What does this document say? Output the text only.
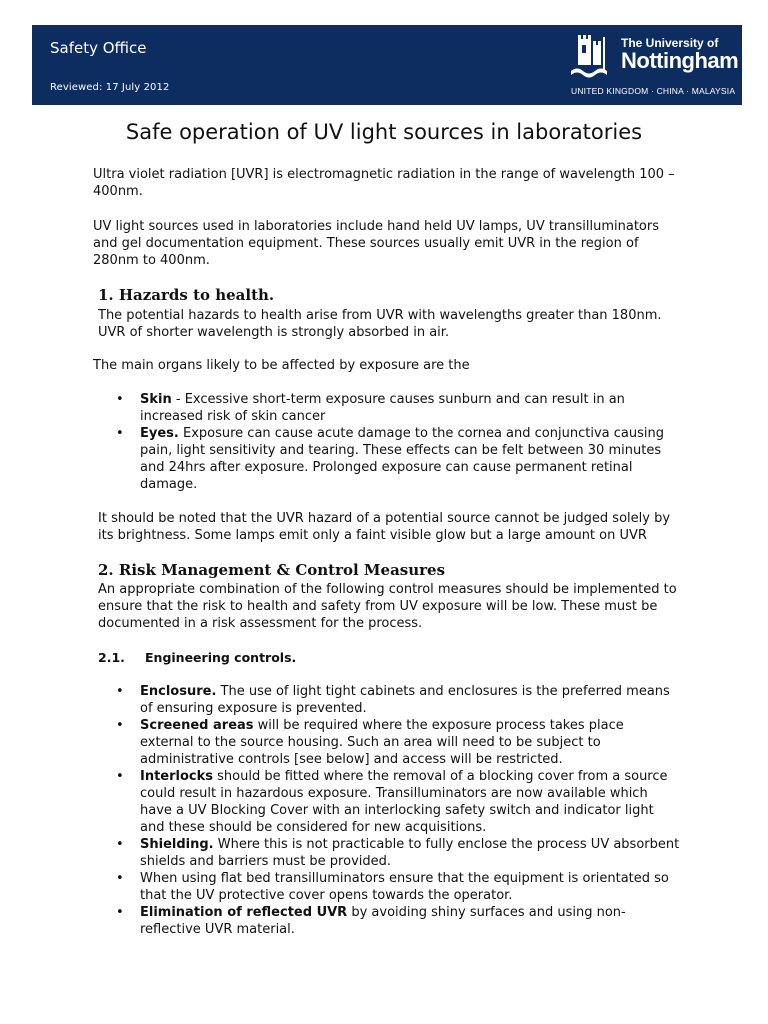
Safety Office
Reviewed: 17 July 2012
The University of
Nottingham
UNITED KINGDOM · CHINA · MALAYSIA
Safe operation of UV light sources in laboratories

Ultra violet radiation [UVR] is electromagnetic radiation in the range of wavelength 100 – 400nm.

UV light sources used in laboratories include hand held UV lamps, UV transilluminators and gel documentation equipment. These sources usually emit UVR in the region of 280nm to 400nm.

1. Hazards to health.

The potential hazards to health arise from UVR with wavelengths greater than 180nm. UVR of shorter wavelength is strongly absorbed in air.

The main organs likely to be affected by exposure are the

• Skin - Excessive short-term exposure causes sunburn and can result in an increased risk of skin cancer
• Eyes. Exposure can cause acute damage to the cornea and conjunctiva causing pain, light sensitivity and tearing. These effects can be felt between 30 minutes and 24hrs after exposure. Prolonged exposure can cause permanent retinal damage.

It should be noted that the UVR hazard of a potential source cannot be judged solely by its brightness. Some lamps emit only a faint visible glow but a large amount on UVR

2. Risk Management & Control Measures

An appropriate combination of the following control measures should be implemented to ensure that the risk to health and safety from UV exposure will be low. These must be documented in a risk assessment for the process.

2.1. Engineering controls.
• Enclosure. The use of light tight cabinets and enclosures is the preferred means of ensuring exposure is prevented.
• Screened areas will be required where the exposure process takes place external to the source housing. Such an area will need to be subject to administrative controls [see below] and access will be restricted.
• Interlocks should be fitted where the removal of a blocking cover from a source could result in hazardous exposure. Transilluminators are now available which have a UV Blocking Cover with an interlocking safety switch and indicator light and these should be considered for new acquisitions.
• Shielding. Where this is not practicable to fully enclose the process UV absorbent shields and barriers must be provided.
• When using flat bed transilluminators ensure that the equipment is orientated so that the UV protective cover opens towards the operator.
• Elimination of reflected UVR by avoiding shiny surfaces and using non-reflective UVR material.
